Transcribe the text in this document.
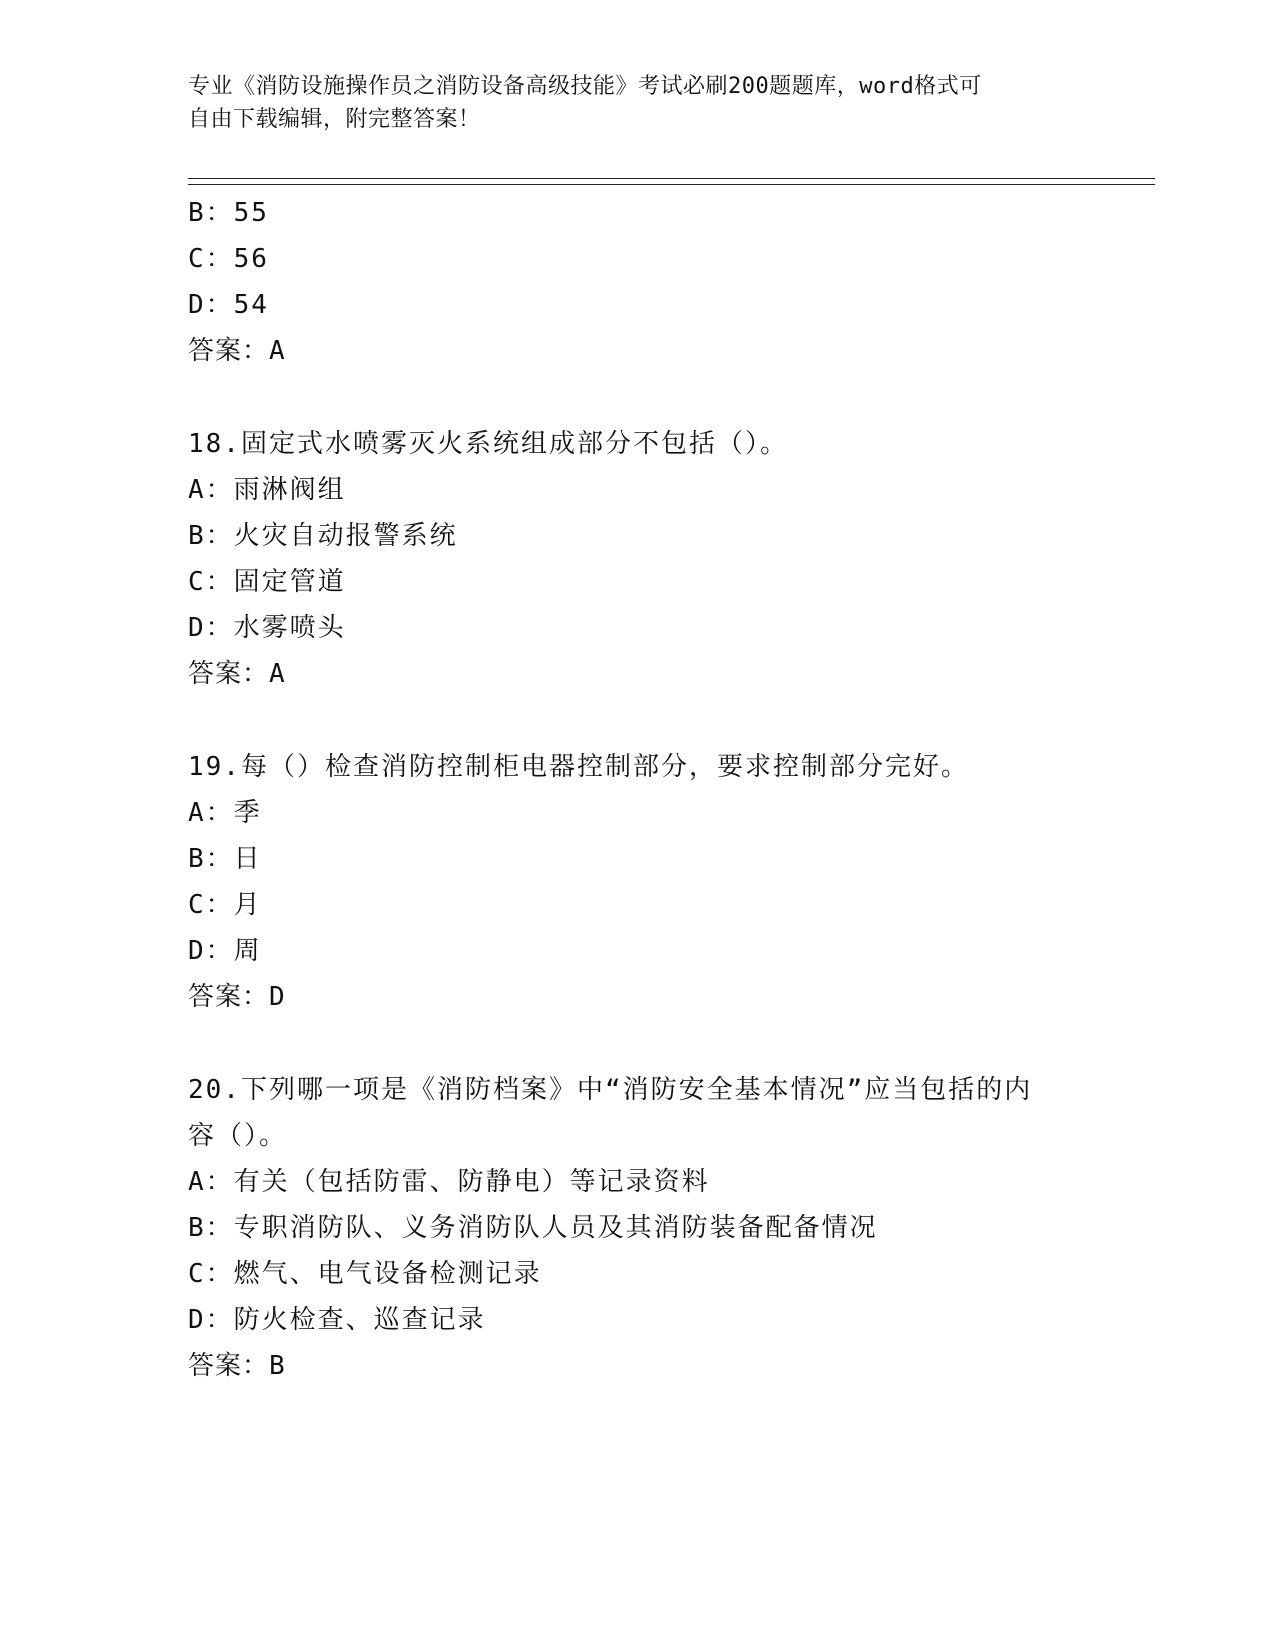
专业《消防设施操作员之消防设备高级技能》考试必刷200题题库，word格式可
自由下载编辑，附完整答案！
B：55
C：56
D：54
答案：A
18.固定式水喷雾灭火系统组成部分不包括（）。
A：雨淋阀组
B：火灾自动报警系统
C：固定管道
D：水雾喷头
答案：A
19.每（）检查消防控制柜电器控制部分，要求控制部分完好。
A：季
B：日
C：月
D：周
答案：D
20.下列哪一项是《消防档案》中“消防安全基本情况”应当包括的内
容（）。
A：有关（包括防雷、防静电）等记录资料
B：专职消防队、义务消防队人员及其消防装备配备情况
C：燃气、电气设备检测记录
D：防火检查、巡查记录
答案：B
